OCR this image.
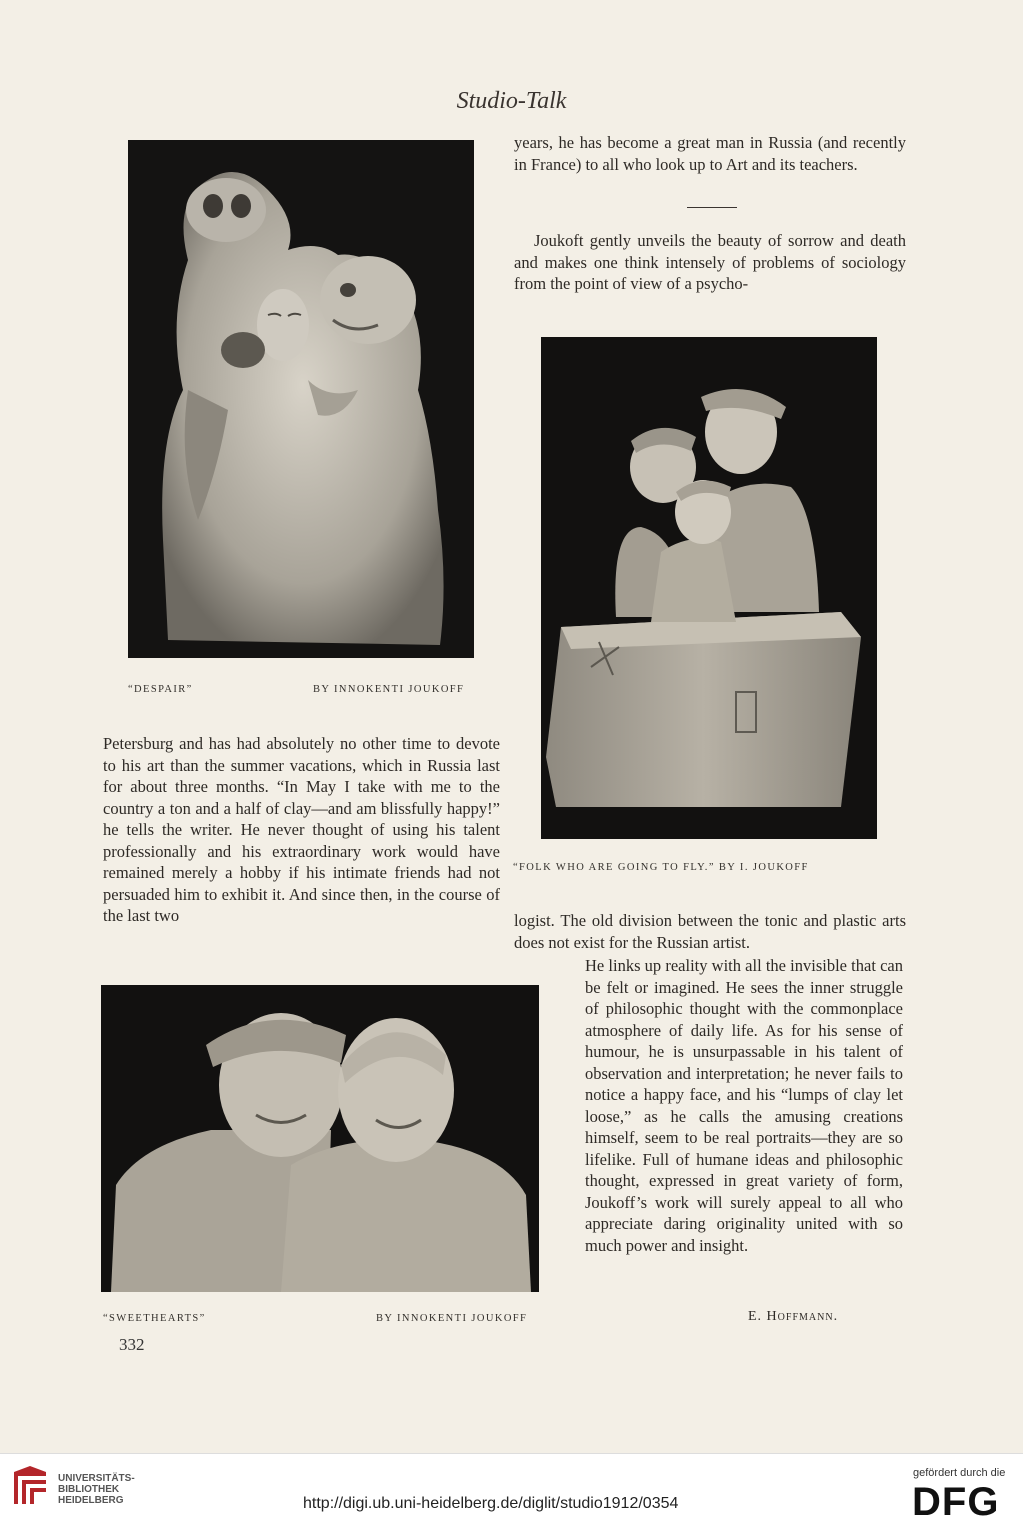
Studio-Talk

years, he has become a great man in Russia (and recently in France) to all who look up to Art and its teachers.

Joukoft gently unveils the beauty of sorrow and death and makes one think intensely of problems of sociology from the point of view of a psycho-

“DESPAIR”	BY INNOKENTI JOUKOFF

Petersburg and has had absolutely no other time to devote to his art than the summer vacations, which in Russia last for about three months. “In May I take with me to the country a ton and a half of clay—and am blissfully happy!” he tells the writer. He never thought of using his talent professionally and his extraordinary work would have remained merely a hobby if his intimate friends had not persuaded him to exhibit it. And since then, in the course of the last two

“FOLK WHO ARE GOING TO FLY.” BY I. JOUKOFF

logist. The old division between the tonic and plastic arts does not exist for the Russian artist.

He links up reality with all the invisible that can be felt or imagined. He sees the inner struggle of philosophic thought with the commonplace atmosphere of daily life. As for his sense of humour, he is unsurpassable in his talent of observation and interpretation; he never fails to notice a happy face, and his “lumps of clay let loose,” as he calls the amusing creations himself, seem to be real portraits—they are so lifelike. Full of humane ideas and philosophic thought, expressed in great variety of form, Joukoff’s work will surely appeal to all who appreciate daring originality united with so much power and insight.

“SWEETHEARTS”	BY INNOKENTI JOUKOFF	E. Hoffmann.
332
UNIVERSITÄTS-
BIBLIOTHEK
HEIDELBERG	http://digi.ub.uni-heidelberg.de/diglit/studio1912/0354
gefördert durch die
DFG
